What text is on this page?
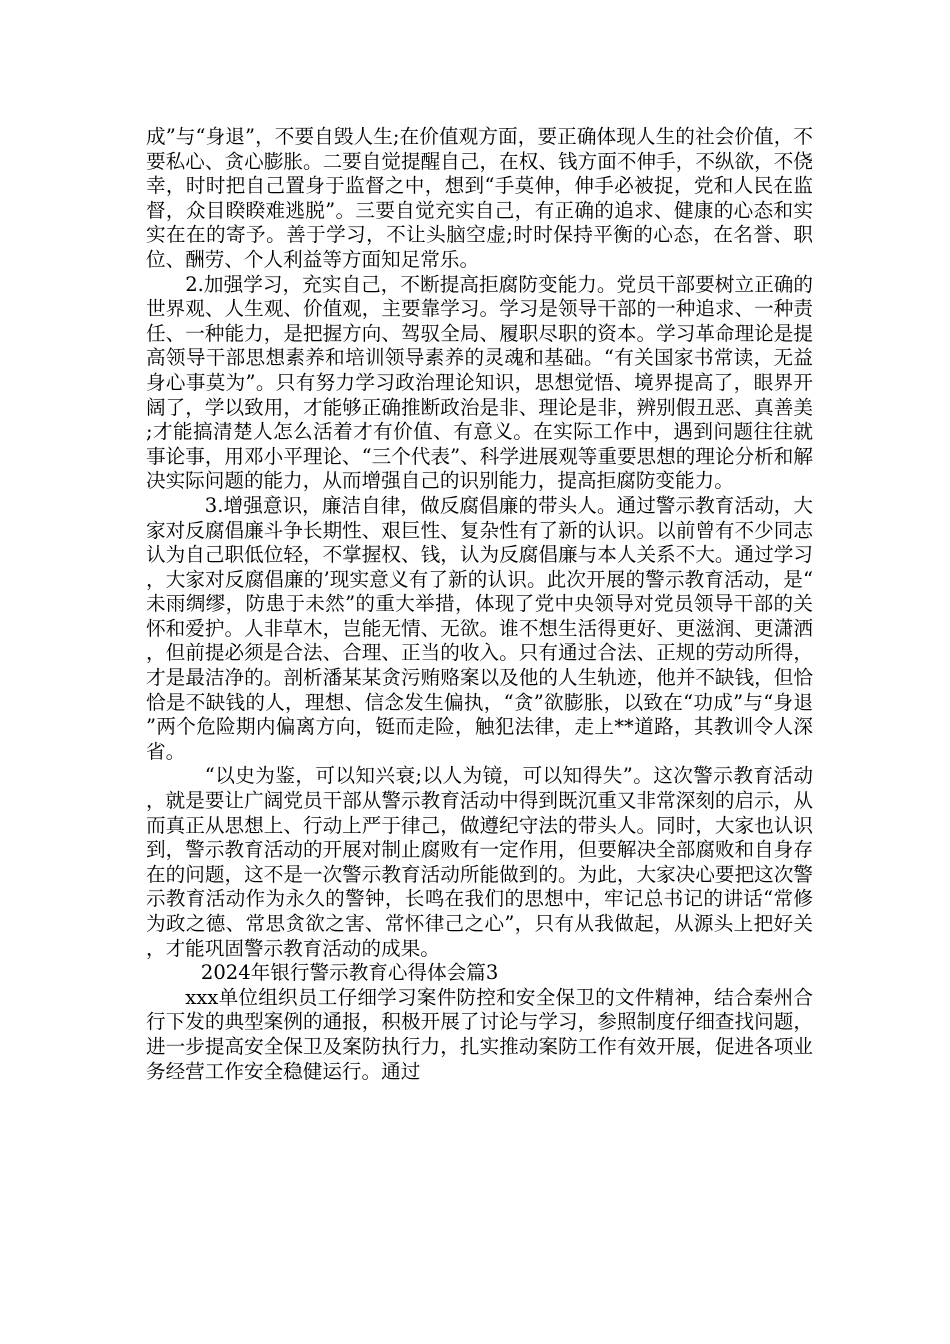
成”与“身退”，不要自毁人生;在价值观方面，要正确体现人生的社会价值，不要私心、贪心膨胀。二要自觉提醒自己，在权、钱方面不伸手，不纵欲，不侥幸，时时把自己置身于监督之中，想到“手莫伸，伸手必被捉，党和人民在监督，众目睽睽难逃脱”。三要自觉充实自己，有正确的追求、健康的心态和实实在在的寄予。善于学习，不让头脑空虚;时时保持平衡的心态，在名誉、职位、酬劳、个人利益等方面知足常乐。

2.加强学习，充实自己，不断提高拒腐防变能力。党员干部要树立正确的世界观、人生观、价值观，主要靠学习。学习是领导干部的一种追求、一种责任、一种能力，是把握方向、驾驭全局、履职尽职的资本。学习革命理论是提高领导干部思想素养和培训领导素养的灵魂和基础。“有关国家书常读，无益身心事莫为”。只有努力学习政治理论知识，思想觉悟、境界提高了，眼界开阔了，学以致用，才能够正确推断政治是非、理论是非，辨别假丑恶、真善美;才能搞清楚人怎么活着才有价值、有意义。在实际工作中，遇到问题往往就事论事，用邓小平理论、“三个代表”、科学进展观等重要思想的理论分析和解决实际问题的能力，从而增强自己的识别能力，提高拒腐防变能力。

3.增强意识，廉洁自律，做反腐倡廉的带头人。通过警示教育活动，大家对反腐倡廉斗争长期性、艰巨性、复杂性有了新的认识。以前曾有不少同志认为自己职低位轻，不掌握权、钱，认为反腐倡廉与本人关系不大。通过学习，大家对反腐倡廉的’现实意义有了新的认识。此次开展的警示教育活动，是“未雨绸缪，防患于未然”的重大举措，体现了党中央领导对党员领导干部的关怀和爱护。人非草木，岂能无情、无欲。谁不想生活得更好、更滋润、更潇洒，但前提必须是合法、合理、正当的收入。只有通过合法、正规的劳动所得，才是最洁净的。剖析潘某某贪污贿赂案以及他的人生轨迹，他并不缺钱，但恰恰是不缺钱的人，理想、信念发生偏执，“贪”欲膨胀，以致在“功成”与“身退”两个危险期内偏离方向，铤而走险，触犯法律，走上**道路，其教训令人深省。

“以史为鉴，可以知兴衰;以人为镜，可以知得失”。这次警示教育活动，就是要让广阔党员干部从警示教育活动中得到既沉重又非常深刻的启示，从而真正从思想上、行动上严于律己，做遵纪守法的带头人。同时，大家也认识到，警示教育活动的开展对制止腐败有一定作用，但要解决全部腐败和自身存在的问题，这不是一次警示教育活动所能做到的。为此，大家决心要把这次警示教育活动作为永久的警钟，长鸣在我们的思想中，牢记总书记的讲话“常修为政之德、常思贪欲之害、常怀律己之心”，只有从我做起，从源头上把好关，才能巩固警示教育活动的成果。

2024年银行警示教育心得体会篇3

xxx单位组织员工仔细学习案件防控和安全保卫的文件精神，结合秦州合行下发的典型案例的通报，积极开展了讨论与学习，参照制度仔细查找问题，进一步提高安全保卫及案防执行力，扎实推动案防工作有效开展，促进各项业务经营工作安全稳健运行。通过
